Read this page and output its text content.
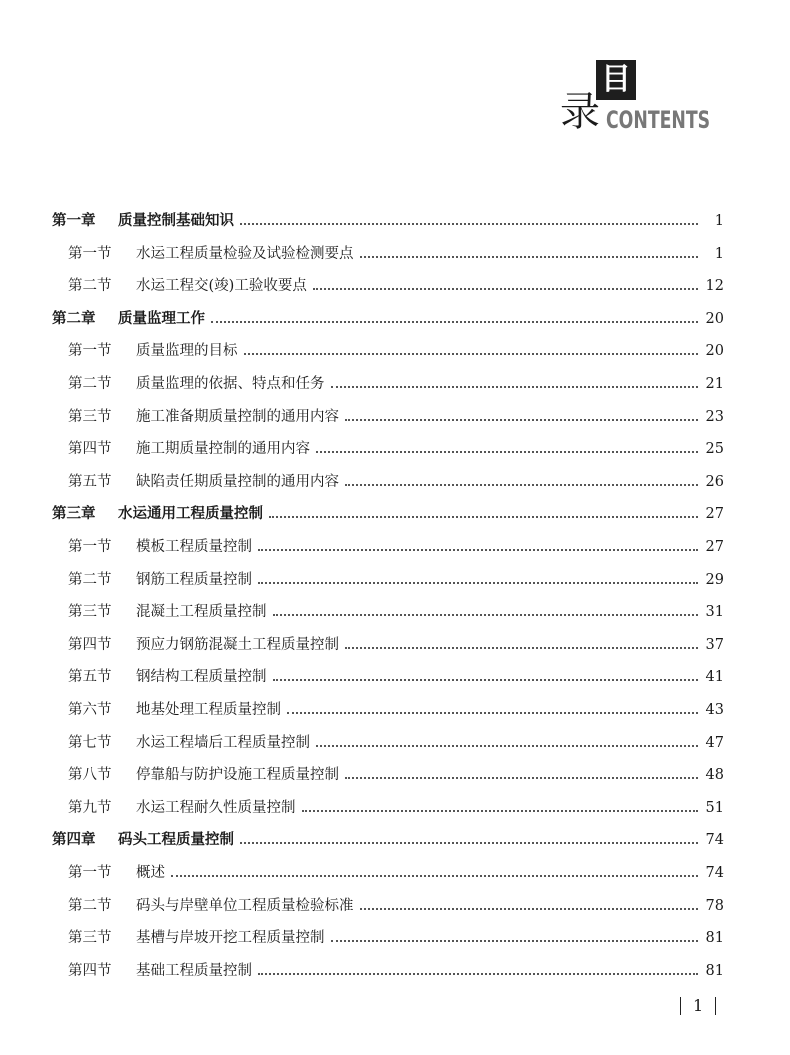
目
录 CONTENTS
第一章	质量控制基础知识	1
第一节	水运工程质量检验及试验检测要点	1
第二节	水运工程交(竣)工验收要点	12
第二章	质量监理工作	20
第一节	质量监理的目标	20
第二节	质量监理的依据、特点和任务	21
第三节	施工准备期质量控制的通用内容	23
第四节	施工期质量控制的通用内容	25
第五节	缺陷责任期质量控制的通用内容	26
第三章	水运通用工程质量控制	27
第一节	模板工程质量控制	27
第二节	钢筋工程质量控制	29
第三节	混凝土工程质量控制	31
第四节	预应力钢筋混凝土工程质量控制	37
第五节	钢结构工程质量控制	41
第六节	地基处理工程质量控制	43
第七节	水运工程墙后工程质量控制	47
第八节	停靠船与防护设施工程质量控制	48
第九节	水运工程耐久性质量控制	51
第四章	码头工程质量控制	74
第一节	概述	74
第二节	码头与岸壁单位工程质量检验标准	78
第三节	基槽与岸坡开挖工程质量控制	81
第四节	基础工程质量控制	81
1
